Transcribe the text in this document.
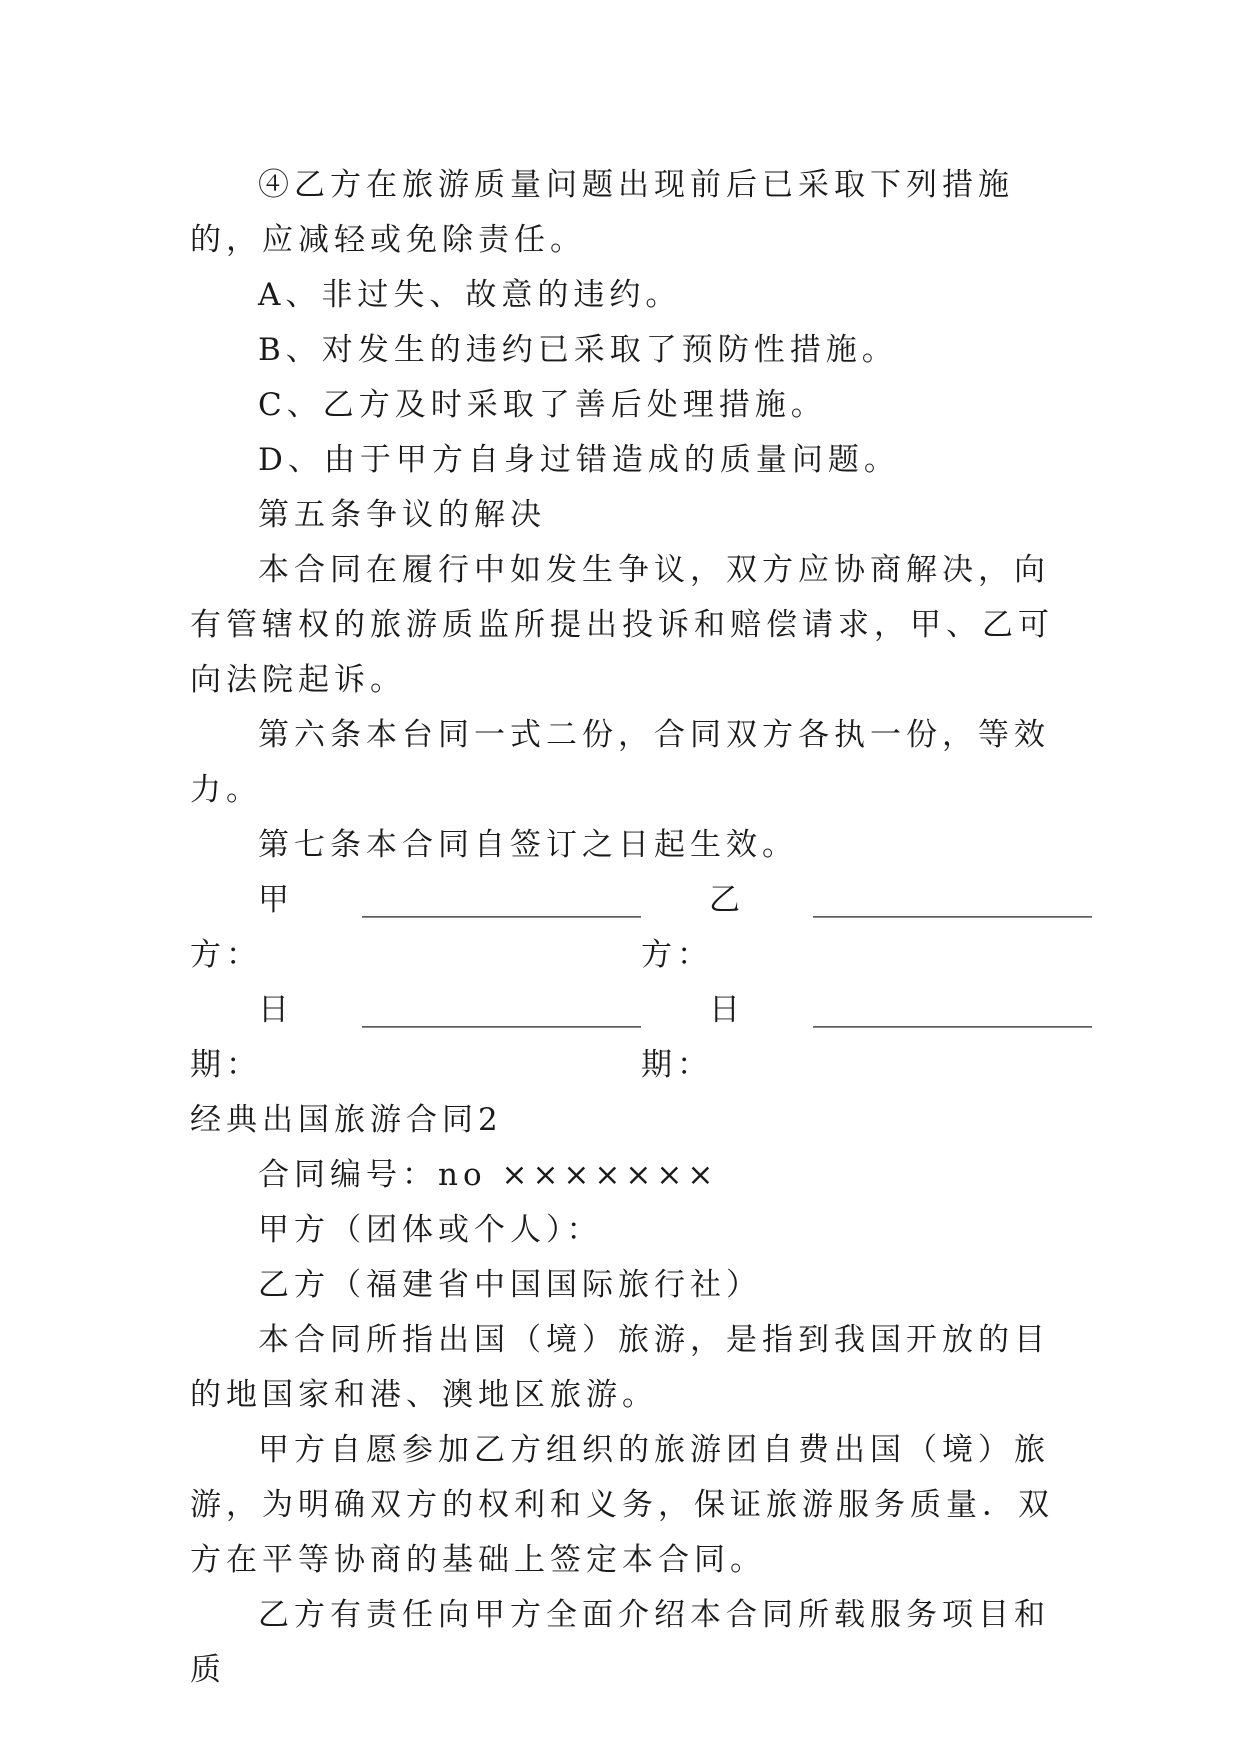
④乙方在旅游质量问题出现前后已采取下列措施的，应减轻或免除责任。

A、非过失、故意的违约。

B、对发生的违约已采取了预防性措施。

C、乙方及时采取了善后处理措施。

D、由于甲方自身过错造成的质量问题。

第五条争议的解决

本合同在履行中如发生争议，双方应协商解决，向有管辖权的旅游质监所提出投诉和赔偿请求，甲、乙可向法院起诉。

第六条本台同一式二份，合同双方各执一份，等效力。

第七条本合同自签订之日起生效。

甲方：
__________________	乙方：
__________________

日期：
__________________	日期：
__________________

经典出国旅游合同2

合同编号：no ×××××××

甲方（团体或个人）：

乙方（福建省中国国际旅行社）

本合同所指出国（境）旅游，是指到我国开放的目的地国家和港、澳地区旅游。

甲方自愿参加乙方组织的旅游团自费出国（境）旅游，为明确双方的权利和义务，保证旅游服务质量．双方在平等协商的基础上签定本合同。

乙方有责任向甲方全面介绍本合同所载服务项目和质
